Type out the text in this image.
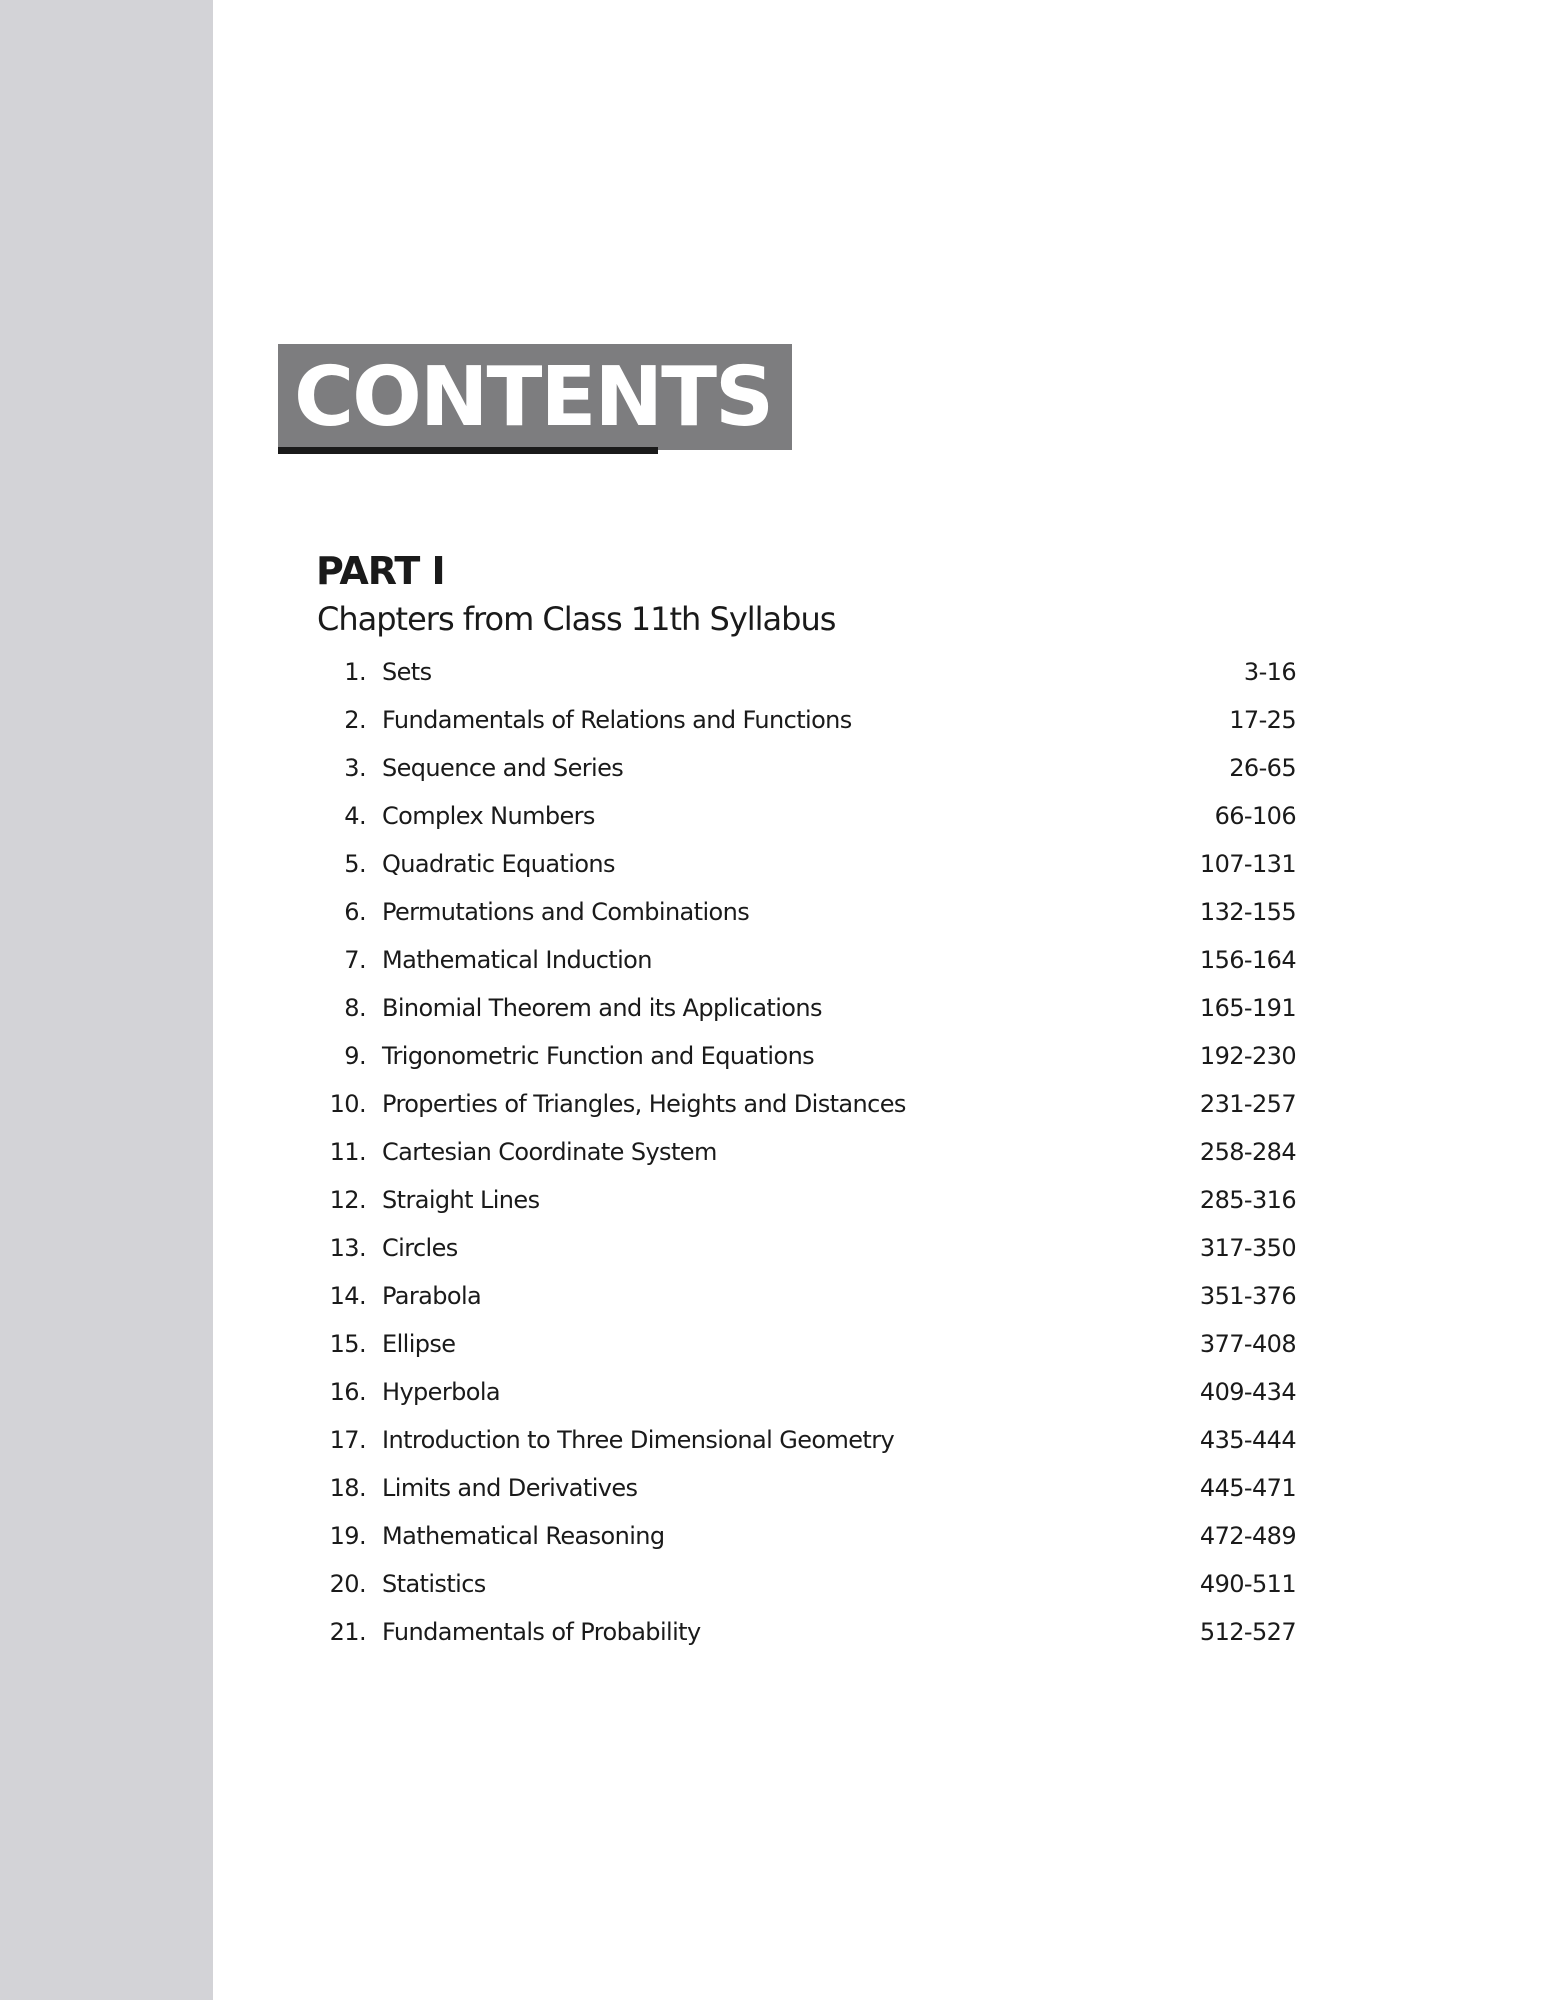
CONTENTS
PART I
Chapters from Class 11th Syllabus
1. Sets	3-16
2. Fundamentals of Relations and Functions	17-25
3. Sequence and Series	26-65
4. Complex Numbers	66-106
5. Quadratic Equations	107-131
6. Permutations and Combinations	132-155
7. Mathematical Induction	156-164
8. Binomial Theorem and its Applications	165-191
9. Trigonometric Function and Equations	192-230
10. Properties of Triangles, Heights and Distances	231-257
11. Cartesian Coordinate System	258-284
12. Straight Lines	285-316
13. Circles	317-350
14. Parabola	351-376
15. Ellipse	377-408
16. Hyperbola	409-434
17. Introduction to Three Dimensional Geometry	435-444
18. Limits and Derivatives	445-471
19. Mathematical Reasoning	472-489
20. Statistics	490-511
21. Fundamentals of Probability	512-527
